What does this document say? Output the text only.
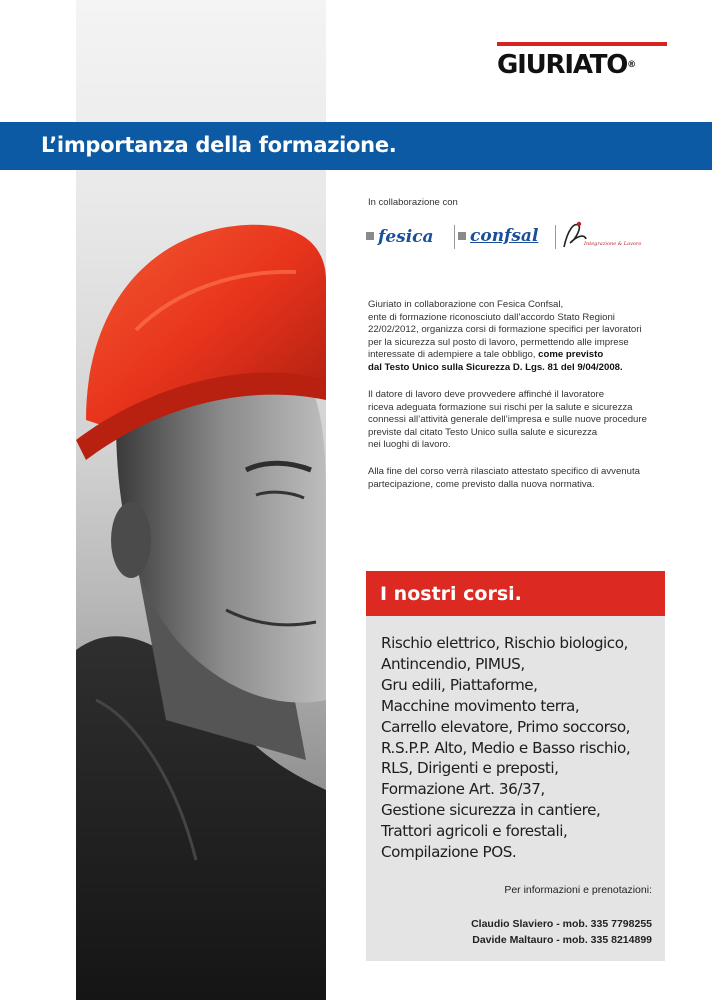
GIURIATO®
L’importanza della formazione.
In collaborazione con
fesica confsal	Integrazione & Lavoro
Giuriato in collaborazione con Fesica Confsal,
ente di formazione riconosciuto dall’accordo Stato Regioni
22/02/2012, organizza corsi di formazione specifici per lavoratori
per la sicurezza sul posto di lavoro, permettendo alle imprese
interessate di adempiere a tale obbligo, come previsto
dal Testo Unico sulla Sicurezza D. Lgs. 81 del 9/04/2008.
Il datore di lavoro deve provvedere affinché il lavoratore
riceva adeguata formazione sui rischi per la salute e sicurezza
connessi all’attività generale dell’impresa e sulle nuove procedure
previste dal citato Testo Unico sulla salute e sicurezza
nei luoghi di lavoro.
Alla fine del corso verrà rilasciato attestato specifico di avvenuta
partecipazione, come previsto dalla nuova normativa.
I nostri corsi.
Rischio elettrico, Rischio biologico,
Antincendio, PIMUS,
Gru edili, Piattaforme,
Macchine movimento terra,
Carrello elevatore, Primo soccorso,
R.S.P.P. Alto, Medio e Basso rischio,
RLS, Dirigenti e preposti,
Formazione Art. 36/37,
Gestione sicurezza in cantiere,
Trattori agricoli e forestali,
Compilazione POS.
Per informazioni e prenotazioni:
Claudio Slaviero - mob. 335 7798255
Davide Maltauro - mob. 335 8214899
